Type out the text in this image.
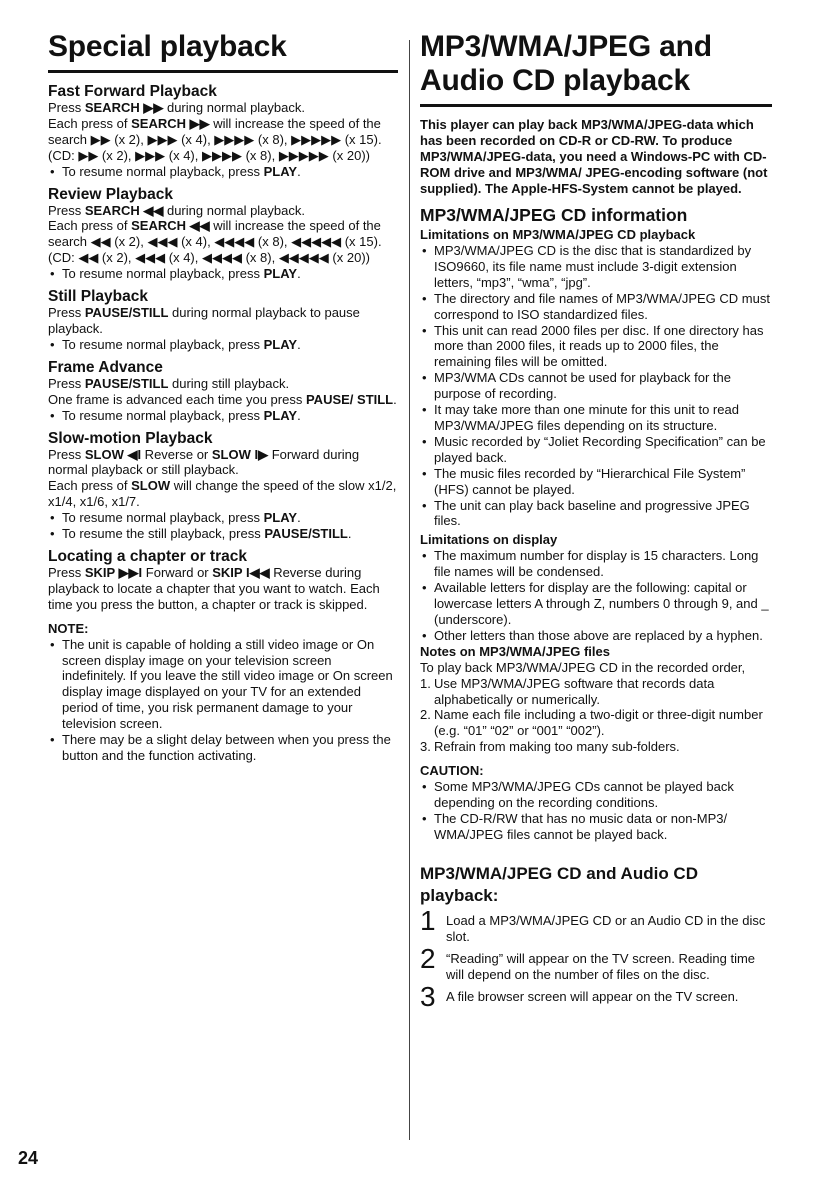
Special playback
Fast Forward Playback

Press SEARCH ▶▶ during normal playback.

Each press of SEARCH ▶▶ will increase the speed of the search ▶▶ (x 2), ▶▶▶ (x 4), ▶▶▶▶ (x 8), ▶▶▶▶▶ (x 15). (CD: ▶▶ (x 2), ▶▶▶ (x 4), ▶▶▶▶ (x 8), ▶▶▶▶▶ (x 20))

• To resume normal playback, press PLAY.
Review Playback

Press SEARCH ◀◀ during normal playback.

Each press of SEARCH ◀◀ will increase the speed of the search ◀◀ (x 2), ◀◀◀ (x 4), ◀◀◀◀ (x 8), ◀◀◀◀◀ (x 15). (CD: ◀◀ (x 2), ◀◀◀ (x 4), ◀◀◀◀ (x 8), ◀◀◀◀◀ (x 20))

• To resume normal playback, press PLAY.
Still Playback

Press PAUSE/STILL during normal playback to pause playback.

• To resume normal playback, press PLAY.
Frame Advance

Press PAUSE/STILL during still playback.

One frame is advanced each time you press PAUSE/ STILL.

• To resume normal playback, press PLAY.
Slow-motion Playback

Press SLOW ◀I Reverse or SLOW I▶ Forward during normal playback or still playback.

Each press of SLOW will change the speed of the slow x1/2, x1/4, x1/6, x1/7.

• To resume normal playback, press PLAY.
• To resume the still playback, press PAUSE/STILL.
Locating a chapter or track

Press SKIP ▶▶I Forward or SKIP I◀◀ Reverse during playback to locate a chapter that you want to watch. Each time you press the button, a chapter or track is skipped.

NOTE:
• The unit is capable of holding a still video image or On screen display image on your television screen indefinitely. If you leave the still video image or On screen display image displayed on your TV for an extended period of time, you risk permanent damage to your television screen.
• There may be a slight delay between when you press the button and the function activating.
MP3/WMA/JPEG and Audio CD playback
This player can play back MP3/WMA/JPEG-data which has been recorded on CD-R or CD-RW. To produce MP3/WMA/JPEG-data, you need a Windows-PC with CD-ROM drive and MP3/WMA/ JPEG-encoding software (not supplied). The Apple-HFS-System cannot be played.
MP3/WMA/JPEG CD information
Limitations on MP3/WMA/JPEG CD playback
• MP3/WMA/JPEG CD is the disc that is standardized by ISO9660, its file name must include 3-digit extension letters, “mp3”, “wma”, “jpg”.
• The directory and file names of MP3/WMA/JPEG CD must correspond to ISO standardized files.
• This unit can read 2000 files per disc. If one directory has more than 2000 files, it reads up to 2000 files, the remaining files will be omitted.
• MP3/WMA CDs cannot be used for playback for the purpose of recording.
• It may take more than one minute for this unit to read MP3/WMA/JPEG files depending on its structure.
• Music recorded by “Joliet Recording Specification” can be played back.
• The music files recorded by “Hierarchical File System” (HFS) cannot be played.
• The unit can play back baseline and progressive JPEG files.
Limitations on display
• The maximum number for display is 15 characters. Long file names will be condensed.
• Available letters for display are the following: capital or lowercase letters A through Z, numbers 0 through 9, and _ (underscore).
• Other letters than those above are replaced by a hyphen.
Notes on MP3/WMA/JPEG files

To play back MP3/WMA/JPEG CD in the recorded order,

1. Use MP3/WMA/JPEG software that records data alphabetically or numerically.
2. Name each file including a two-digit or three-digit number (e.g. “01” “02” or “001” “002”).
3. Refrain from making too many sub-folders.
CAUTION:
• Some MP3/WMA/JPEG CDs cannot be played back depending on the recording conditions.
• The CD-R/RW that has no music data or non-MP3/ WMA/JPEG files cannot be played back.
MP3/WMA/JPEG CD and Audio CD playback:
1 Load a MP3/WMA/JPEG CD or an Audio CD in the disc slot.
2 “Reading” will appear on the TV screen. Reading time will depend on the number of files on the disc.
3 A file browser screen will appear on the TV screen.
24
